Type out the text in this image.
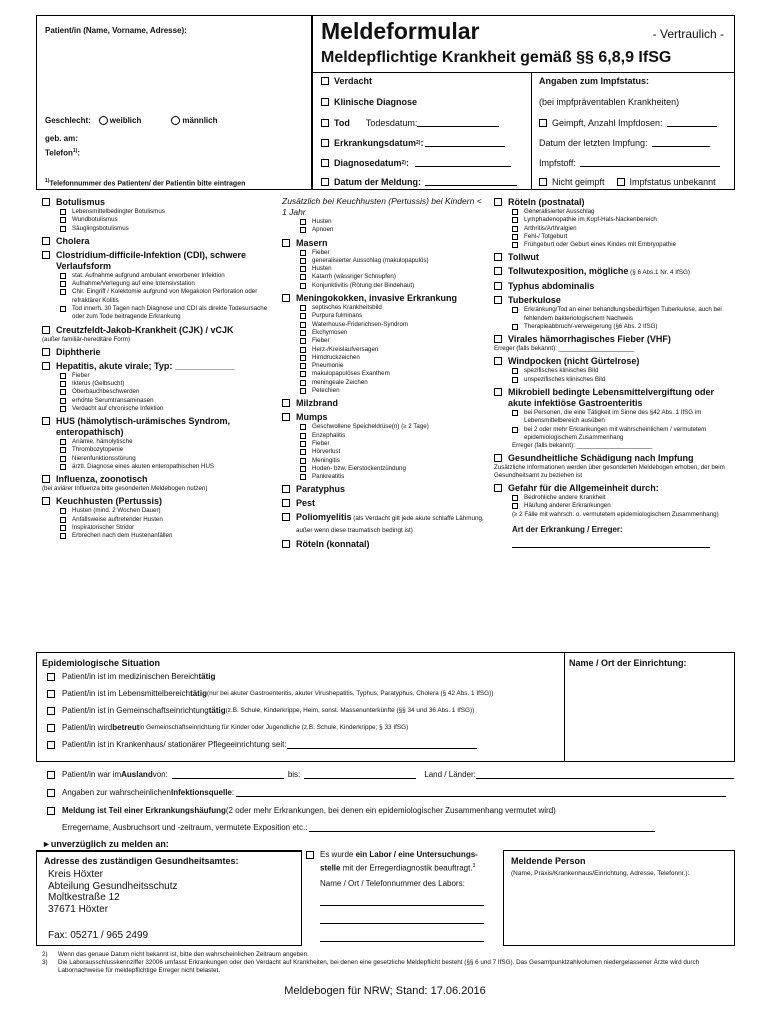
Patient/in (Name, Vorname, Adresse):
Geschlecht: weiblich	männlich
geb. am:
Telefon$^{1)}$:
$^{1)}$Telefonnummer des Patienten/ der Patientin bitte eintragen
Meldeformular	- Vertraulich -
Meldepflichtige Krankheit gemäß §§ 6,8,9 IfSG
Verdacht
Klinische Diagnose
Tod Todesdatum:
Erkrankungsdatum 2) :
Diagnosedatum 2) :
Datum der Meldung:
Angaben zum Impfstatus:
(bei impfpräventablen Krankheiten)
Geimpft, Anzahl Impfdosen:
Datum der letzten Impfung:
Impfstoff:
Nicht geimpft	Impfstatus unbekannt
Botulismus
Lebensmittelbedingter Botulismus
Wundbotulismus
Säuglingsbotulismus
Cholera
Clostridium-difficile-Infektion (CDI), schwere Verlaufsform
stat. Aufnahme aufgrund ambulant erworbener Infektion
Aufnahme/Verlegung auf eine Intensivstation
Chir. Eingriff / Kolektomie aufgrund von Megakolon Perforation oder refraktärer Kolitis
Tod innerh. 30 Tagen nach Diagnose und CDI als direkte Todesursache oder zum Tode beitragende Erkrankung
Creutzfeldt-Jakob-Krankheit (CJK) / vCJK
(außer familiär-hereditäre Form)
Diphtherie
Hepatitis, akute virale; Typ: ____________
Fieber
Ikterus (Gelbsucht)
Oberbauchbeschwerden
erhöhte Serumtransaminasen
Verdacht auf chronische Infektion
HUS (hämolytisch-urämisches Syndrom, enteropathisch)
Anämie, hämolytische
Thrombozytopenie
Nierenfunktionsstörung
ärztl. Diagnose eines akuten enteropathischen HUS
Influenza, zoonotisch
(bei aviärer Influenza bitte gesonderten Meldebogen nutzen)
Keuchhusten (Pertussis)
Husten (mind. 2 Wochen Dauer)
Anfallsweise auftretender Husten
Inspiratorischer Stridor
Erbrechen nach dem Hustenanfällen
Zusätzlich bei Keuchhusten (Pertussis) bei Kindern < 1 Jahr
Husten
Apnoen
Masern
Fieber
generalisierter Ausschlag (makulopapulös)
Husten
Katarrh (wässriger Schnupfen)
Konjunktivitis (Rötung der Bindehaut)
Meningokokken, invasive Erkrankung
septisches Krankheitsbild
Purpura fulminans
Waterhouse-Friderichsen-Syndrom
Ekchymosen
Fieber
Herz-/Kreislaufversagen
Hirndruckzeichen
Pneumonie
makulopapulöses Exanthem
meningeale Zeichen
Petechien
Milzbrand
Mumps
Geschwollene Speicheldrüse(n) (≥ 2 Tage)
Enzephalitis
Fieber
Hörverlust
Meningitis
Hoden- bzw. Eierstockentzündung
Pankreatitis
Paratyphus
Pest
Poliomyelitis (als Verdacht gilt jede akute schlaffe Lähmung, außer wenn diese traumatisch bedingt ist)
Röteln (konnatal)
Röteln (postnatal)
Generalisierter Ausschlag
Lymphadenopathie im Kopf-Hals-Nackenbereich
Arthritis/Arthralgien
Fehl-/ Totgeburt
Frühgeburt oder Geburt eines Kindes mit Embryopathie
Tollwut
Tollwutexposition, mögliche (§ 6 Abs.1 Nr. 4 IfSG)
Typhus abdominalis
Tuberkulose
Erkrankung/Tod an einer behandlungsbedürftigen Tuberkulose, auch bei fehlendem bakteriologischem Nachweis
Therapieabbruch/-verweigerung (§6 Abs. 2 IfSG)
Virales hämorrhagisches Fieber (VHF)
Erreger (falls bekannt): ______________________
Windpocken (nicht Gürtelrose)
spezifisches klinisches Bild
unspezifisches klinisches Bild
Mikrobiell bedingte Lebensmittelvergiftung oder akute infektiöse Gastroenteritis
bei Personen, die eine Tätigkeit im Sinne des §42 Abs. 1 IfSG im Lebensmittelbereich ausüben
bei 2 oder mehr Erkrankungen mit wahrscheinlichem / vermutetem epidemiologischem Zusammenhang
Erreger (falls bekannt): ______________________
Gesundheitliche Schädigung nach Impfung
Zusätzliche Informationen werden über gesonderten Meldebogen erhoben, der beim Gesundheitsamt zu beziehen ist
Gefahr für die Allgemeinheit durch:
Bedrohliche andere Krankheit
Häufung anderer Erkrankungen
(≥ 2 Fälle mit wahrsch. o. vermutetem epidemiologischem Zusammenhang)
Art der Erkrankung / Erreger:
Epidemiologische Situation	Name / Ort der Einrichtung:
Patient/in ist im medizinischen Bereich tätig
Patient/in ist im Lebensmittelbereich tätig (nur bei akuter Gastroenteritis, akuter Virushepatitis, Typhus, Paratyphus, Cholera (§ 42 Abs. 1 IfSG))
Patient/in ist in Gemeinschaftseinrichtung tätig (z.B. Schule, Kinderkrippe, Heim, sonst. Massenunterkünfte (§§ 34 und 36 Abs. 1 IfSG))
Patient/in wird betreut in Gemeinschaftseinrichtung für Kinder oder Jugendliche (z.B. Schule, Kinderkrippe; § 33 IfSG)
Patient/in ist in Krankenhaus/ stationärer Pflegeeinrichtung seit:
Patient/in war im Ausland von:	bis:	Land / Länder:
Angaben zur wahrscheinlichen Infektionsquelle :
Meldung ist Teil einer Erkrankungshäufung (2 oder mehr Erkrankungen, bei denen ein epidemiologischer Zusammenhang vermutet wird)
Erregername, Ausbruchsort und -zeitraum, vermutete Exposition etc.:
►unverzüglich zu melden an:
Adresse des zuständigen Gesundheitsamtes:
Kreis Höxter
Abteilung Gesundheitsschutz
Moltkestraße 12
37671 Höxter
Fax: 05271 / 965 2499
Es wurde ein Labor / eine Untersuchungs-stelle mit der Erregerdiagnostik beauftragt.$^3$
Name / Ort / Telefonnummer des Labors:
Meldende Person
(Name, Praxis/Krankenhaus/Einrichtung, Adresse, Telefonnr.):
2)	Wenn das genaue Datum nicht bekannt ist, bitte den wahrscheinlichen Zeitraum angeben.
3)	Die Laborausschlusskennziffer 32006 umfasst Erkrankungen oder den Verdacht auf Krankheiten, bei denen eine gesetzliche Meldepflicht besteht (§§ 6 und 7 IfSG). Das Gesamtpunktzahlvolumen niedergelassener Ärzte wird durch Labornachweise für meldepflichtige Erreger nicht belastet.
Meldebogen für NRW; Stand: 17.06.2016
